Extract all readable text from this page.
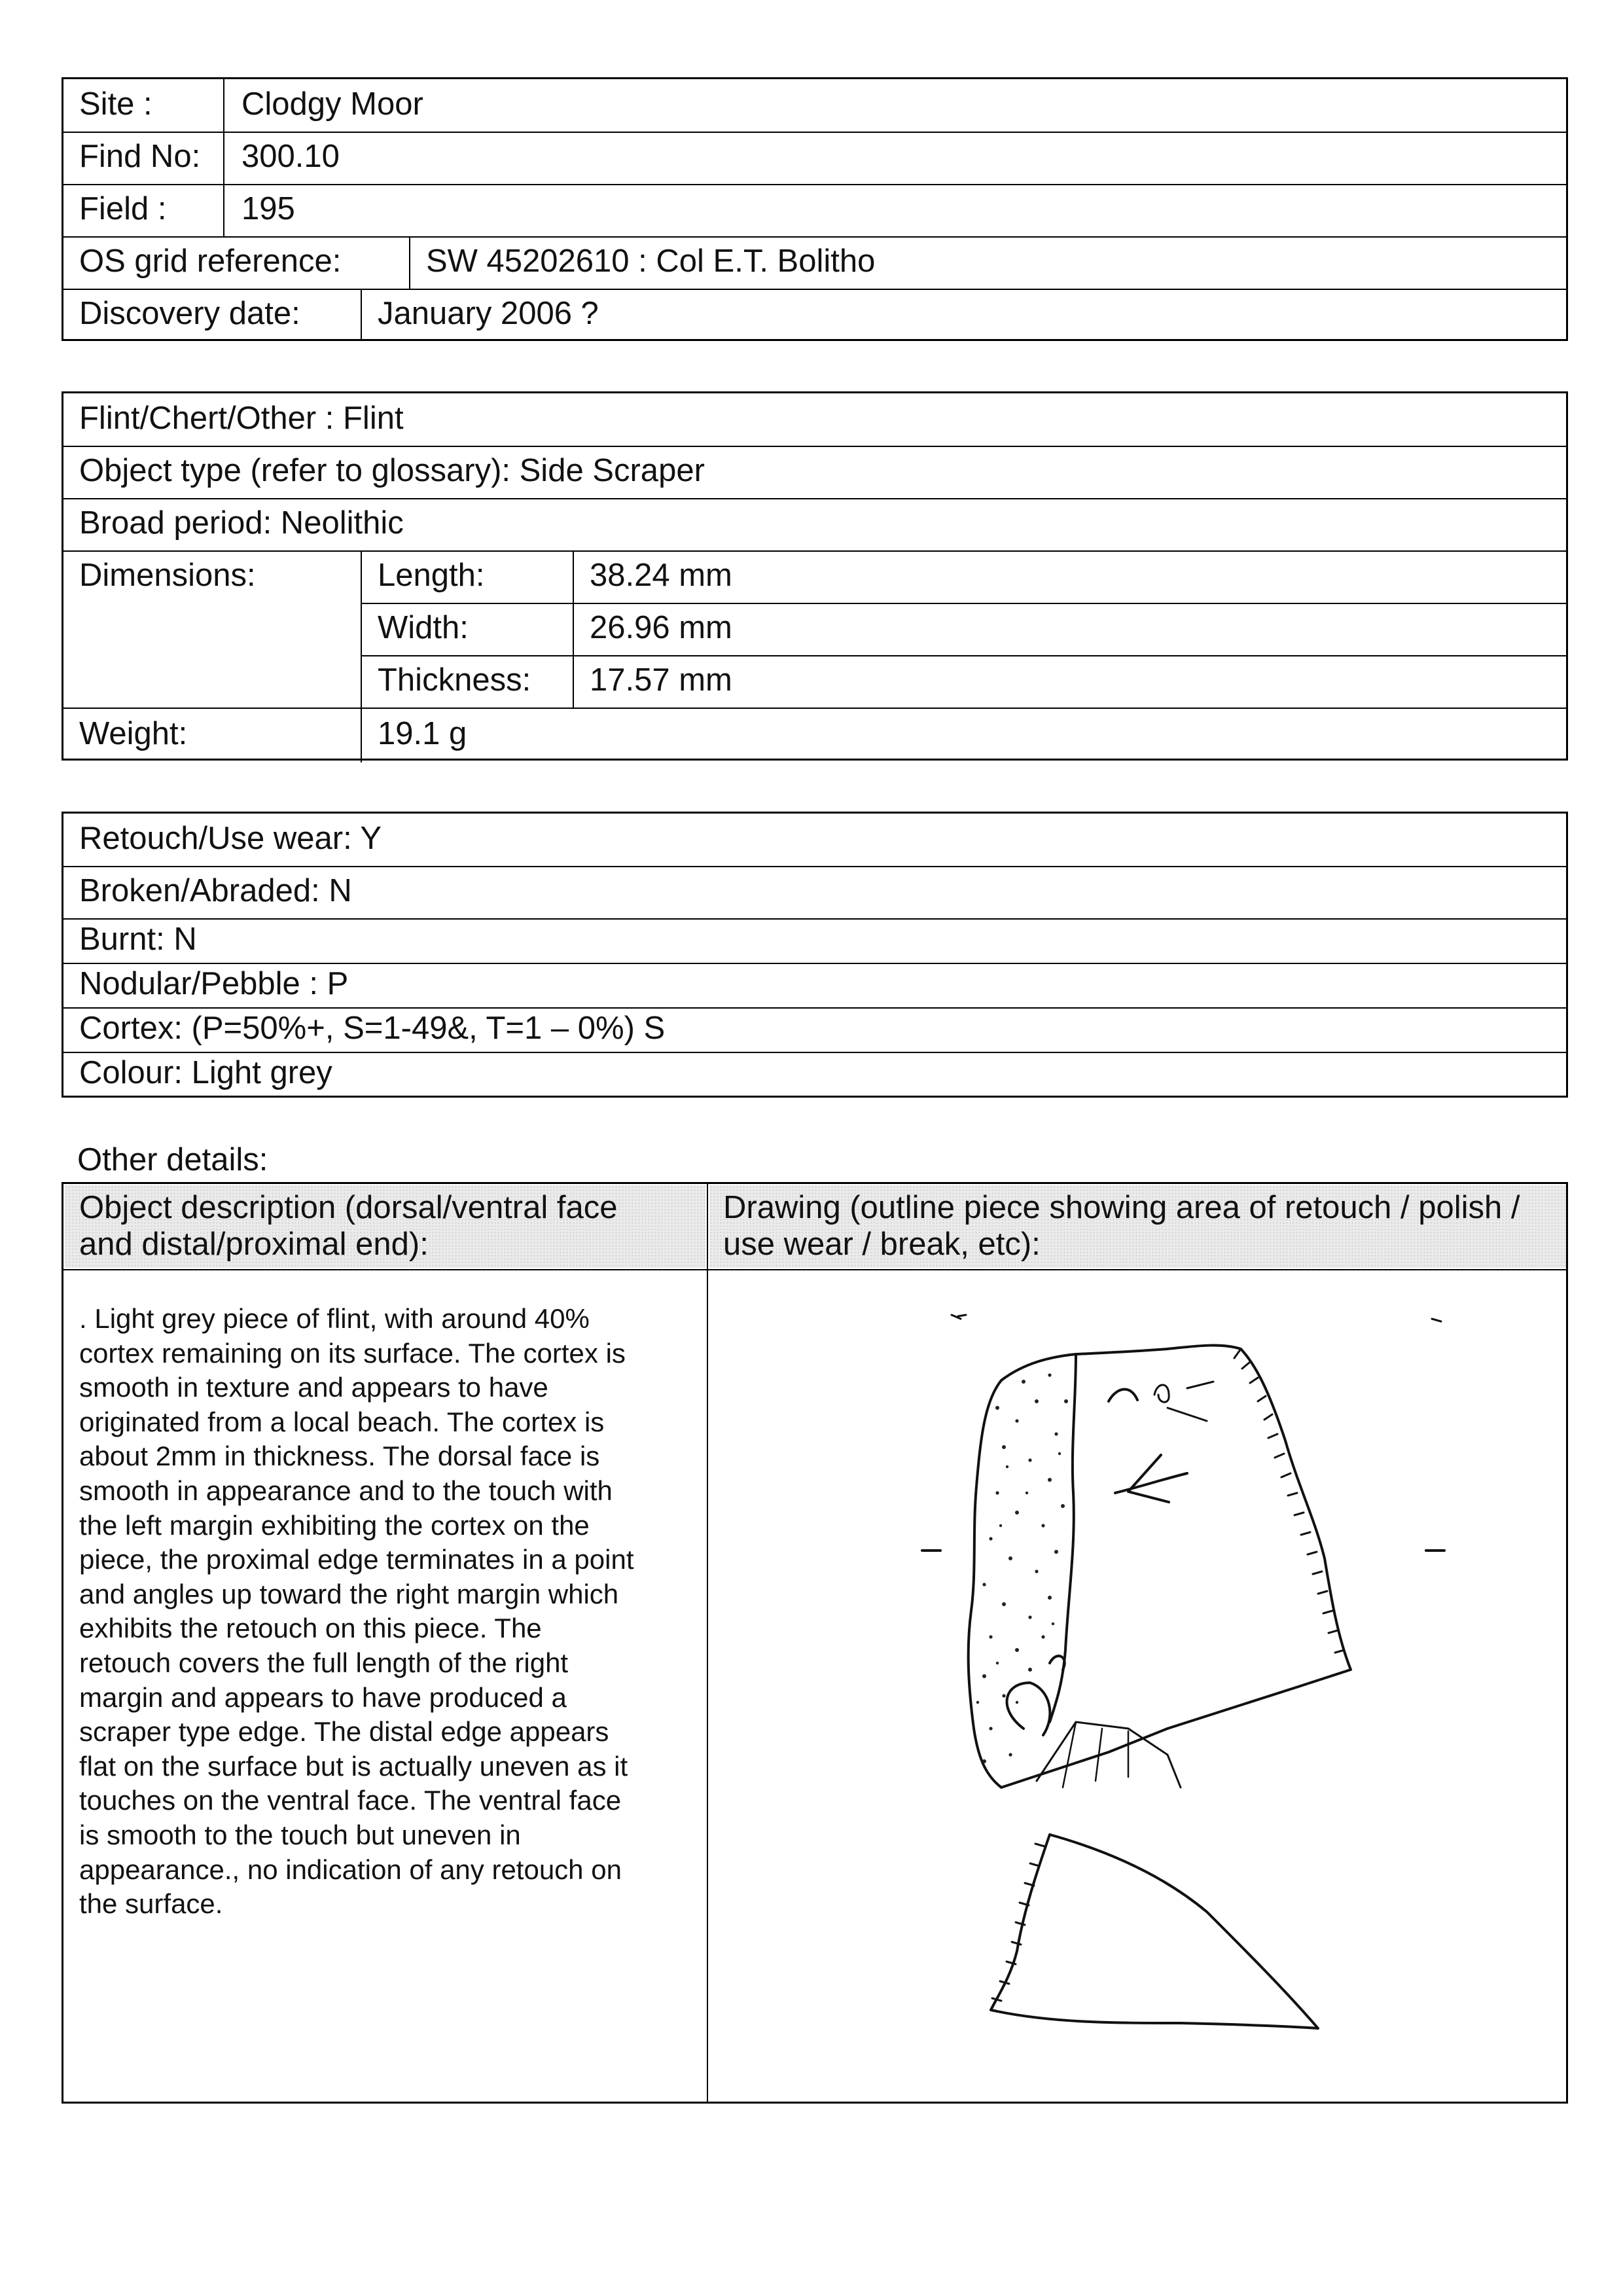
Site :	Clodgy Moor
Find No: 300.10
Field : 195
OS grid reference:	SW 45202610 : Col E.T. Bolitho
Discovery date: January 2006 ?
Flint/Chert/Other : Flint
Object type (refer to glossary): Side Scraper
Broad period: Neolithic
Dimensions:	Length:	38.24 mm
Width:	26.96 mm
Thickness: 17.57 mm
Weight:	19.1 g
Retouch/Use wear: Y
Broken/Abraded: N
Burnt: N
Nodular/Pebble : P
Cortex: (P=50%+, S=1-49&, T=1 – 0%) S
Colour: Light grey
Other details:
Object description (dorsal/ventral face
and distal/proximal end):
Drawing (outline piece showing area of retouch / polish /
use wear / break, etc):
. Light grey piece of flint, with around 40%
cortex remaining on its surface. The cortex is
smooth in texture and appears to have
originated from a local beach. The cortex is
about 2mm in thickness. The dorsal face is
smooth in appearance and to the touch with
the left margin exhibiting the cortex on the
piece, the proximal edge terminates in a point
and angles up toward the right margin which
exhibits the retouch on this piece. The
retouch covers the full length of the right
margin and appears to have produced a
scraper type edge. The distal edge appears
flat on the surface but is actually uneven as it
touches on the ventral face. The ventral face
is smooth to the touch but uneven in
appearance., no indication of any retouch on
the surface.
